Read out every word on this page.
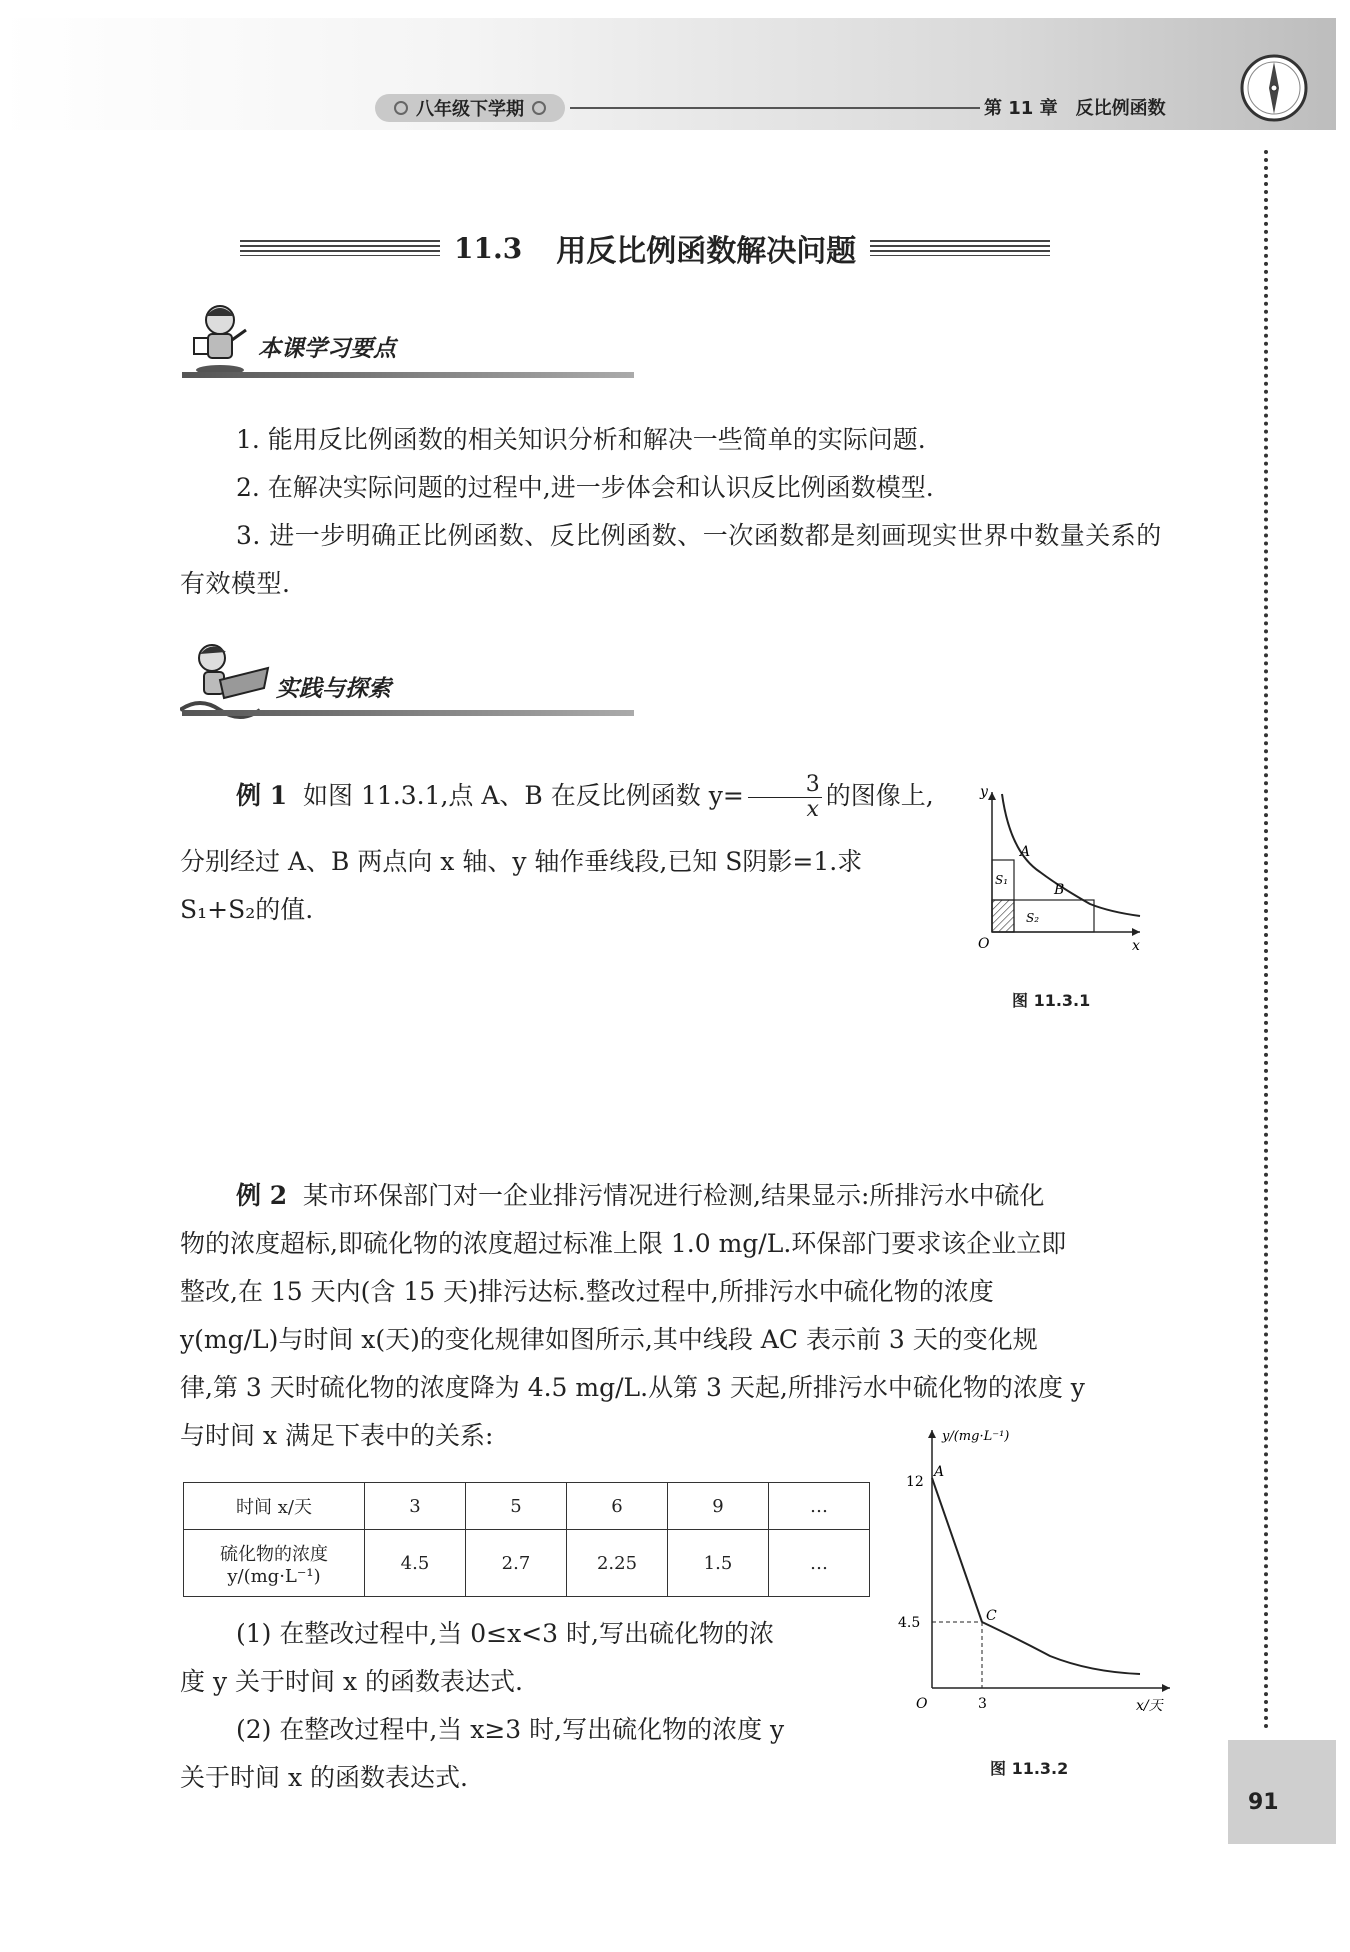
八年级下学期	第 11 章 反比例函数
11.3 用反比例函数解决问题
本课学习要点
1. 能用反比例函数的相关知识分析和解决一些简单的实际问题.
2. 在解决实际问题的过程中,进一步体会和认识反比例函数模型.
3. 进一步明确正比例函数、反比例函数、一次函数都是刻画现实世界中数量关系的有效模型.
实践与探索
例 1 如图 11.3.1,点 A、B 在反比例函数 $y= \frac{3}{x}$ 的图像上,
分别经过 A、B 两点向 x 轴、y 轴作垂线段,已知 S阴影=1.求
S₁+S₂的值.
y
x
O
A
B
S₁
S₂
图 11.3.1
例 2 某市环保部门对一企业排污情况进行检测,结果显示:所排污水中硫化
物的浓度超标,即硫化物的浓度超过标准上限 1.0 mg/L.环保部门要求该企业立即
整改,在 15 天内(含 15 天)排污达标.整改过程中,所排污水中硫化物的浓度
y(mg/L)与时间 x(天)的变化规律如图所示,其中线段 AC 表示前 3 天的变化规
律,第 3 天时硫化物的浓度降为 4.5 mg/L.从第 3 天起,所排污水中硫化物的浓度 y
与时间 x 满足下表中的关系:
时间 x/天	3	5	6	9	…

硫化物的浓度
y/(mg·L⁻¹)	4.5	2.7	2.25	1.5	…
(1) 在整改过程中,当 0≤x<3 时,写出硫化物的浓
度 y 关于时间 x 的函数表达式.
(2) 在整改过程中,当 x≥3 时,写出硫化物的浓度 y
关于时间 x 的函数表达式.
y/(mg·L⁻¹)
x/天
O
12
4.5
3
A
C
图 11.3.2
91
